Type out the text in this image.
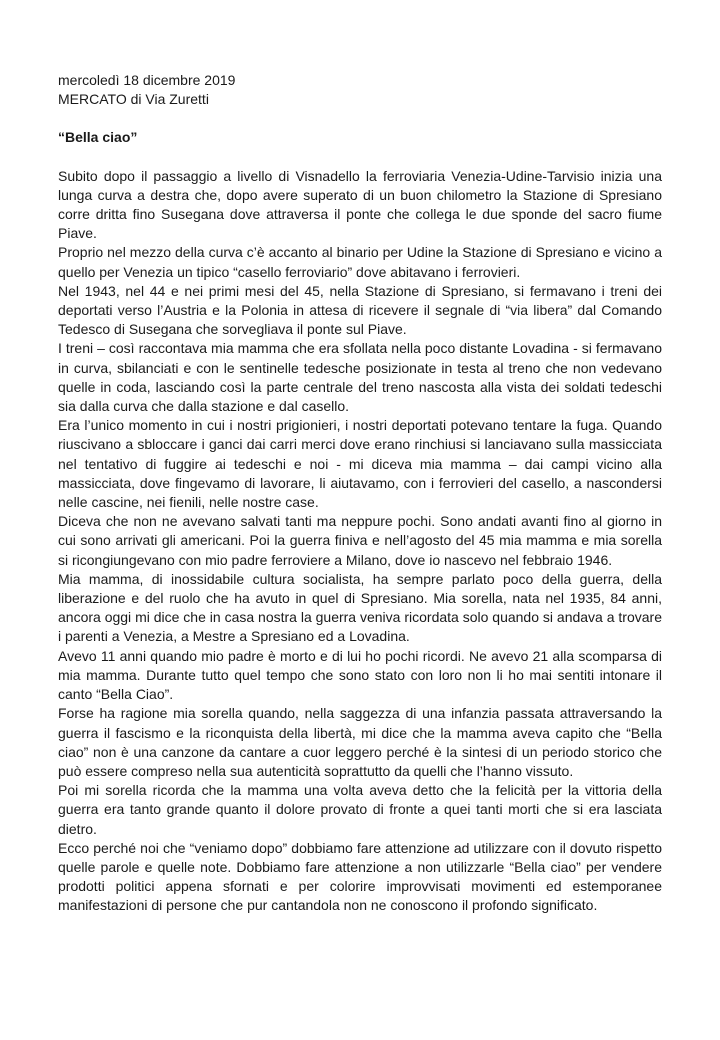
mercoledì 18 dicembre 2019

MERCATO di Via Zuretti

“Bella ciao”

Subito dopo il passaggio a livello di Visnadello la ferroviaria Venezia-Udine-Tarvisio inizia una lunga curva a destra che, dopo avere superato di un buon chilometro la Stazione di Spresiano corre dritta fino Susegana dove attraversa il ponte che collega le due sponde del sacro fiume Piave.

Proprio nel mezzo della curva c’è accanto al binario per Udine la Stazione di Spresiano e vicino a quello per Venezia un tipico “casello ferroviario” dove abitavano i ferrovieri.

Nel 1943, nel 44 e nei primi mesi del 45, nella Stazione di Spresiano, si fermavano i treni dei deportati verso l’Austria e la Polonia in attesa di ricevere il segnale di “via libera” dal Comando Tedesco di Susegana che sorvegliava il ponte sul Piave.

I treni – così raccontava mia mamma che era sfollata nella poco distante Lovadina - si fermavano in curva, sbilanciati e con le sentinelle tedesche posizionate in testa al treno che non vedevano quelle in coda, lasciando così la parte centrale del treno nascosta alla vista dei soldati tedeschi sia dalla curva che dalla stazione e dal casello.

Era l’unico momento in cui i nostri prigionieri, i nostri deportati potevano tentare la fuga. Quando riuscivano a sbloccare i ganci dai carri merci dove erano rinchiusi si lanciavano sulla massicciata nel tentativo di fuggire ai tedeschi e noi - mi diceva mia mamma – dai campi vicino alla massicciata, dove fingevamo di lavorare, li aiutavamo, con i ferrovieri del casello, a nascondersi nelle cascine, nei fienili, nelle nostre case.

Diceva che non ne avevano salvati tanti ma neppure pochi. Sono andati avanti fino al giorno in cui sono arrivati gli americani. Poi la guerra finiva e nell’agosto del 45 mia mamma e mia sorella si ricongiungevano con mio padre ferroviere a Milano, dove io nascevo nel febbraio 1946.

Mia mamma, di inossidabile cultura socialista, ha sempre parlato poco della guerra, della liberazione e del ruolo che ha avuto in quel di Spresiano. Mia sorella, nata nel 1935, 84 anni, ancora oggi mi dice che in casa nostra la guerra veniva ricordata solo quando si andava a trovare i parenti a Venezia, a Mestre a Spresiano ed a Lovadina.

Avevo 11 anni quando mio padre è morto e di lui ho pochi ricordi. Ne avevo 21 alla scomparsa di mia mamma. Durante tutto quel tempo che sono stato con loro non li ho mai sentiti intonare il canto “Bella Ciao”.

Forse ha ragione mia sorella quando, nella saggezza di una infanzia passata attraversando la guerra il fascismo e la riconquista della libertà, mi dice che la mamma aveva capito che “Bella ciao” non è una canzone da cantare a cuor leggero perché è la sintesi di un periodo storico che può essere compreso nella sua autenticità soprattutto da quelli che l’hanno vissuto.

Poi mi sorella ricorda che la mamma una volta aveva detto che la felicità per la vittoria della guerra era tanto grande quanto il dolore provato di fronte a quei tanti morti che si era lasciata dietro.

Ecco perché noi che “veniamo dopo” dobbiamo fare attenzione ad utilizzare con il dovuto rispetto quelle parole e quelle note. Dobbiamo fare attenzione a non utilizzarle “Bella ciao” per vendere prodotti politici appena sfornati e per colorire improvvisati movimenti ed estemporanee manifestazioni di persone che pur cantandola non ne conoscono il profondo significato.
